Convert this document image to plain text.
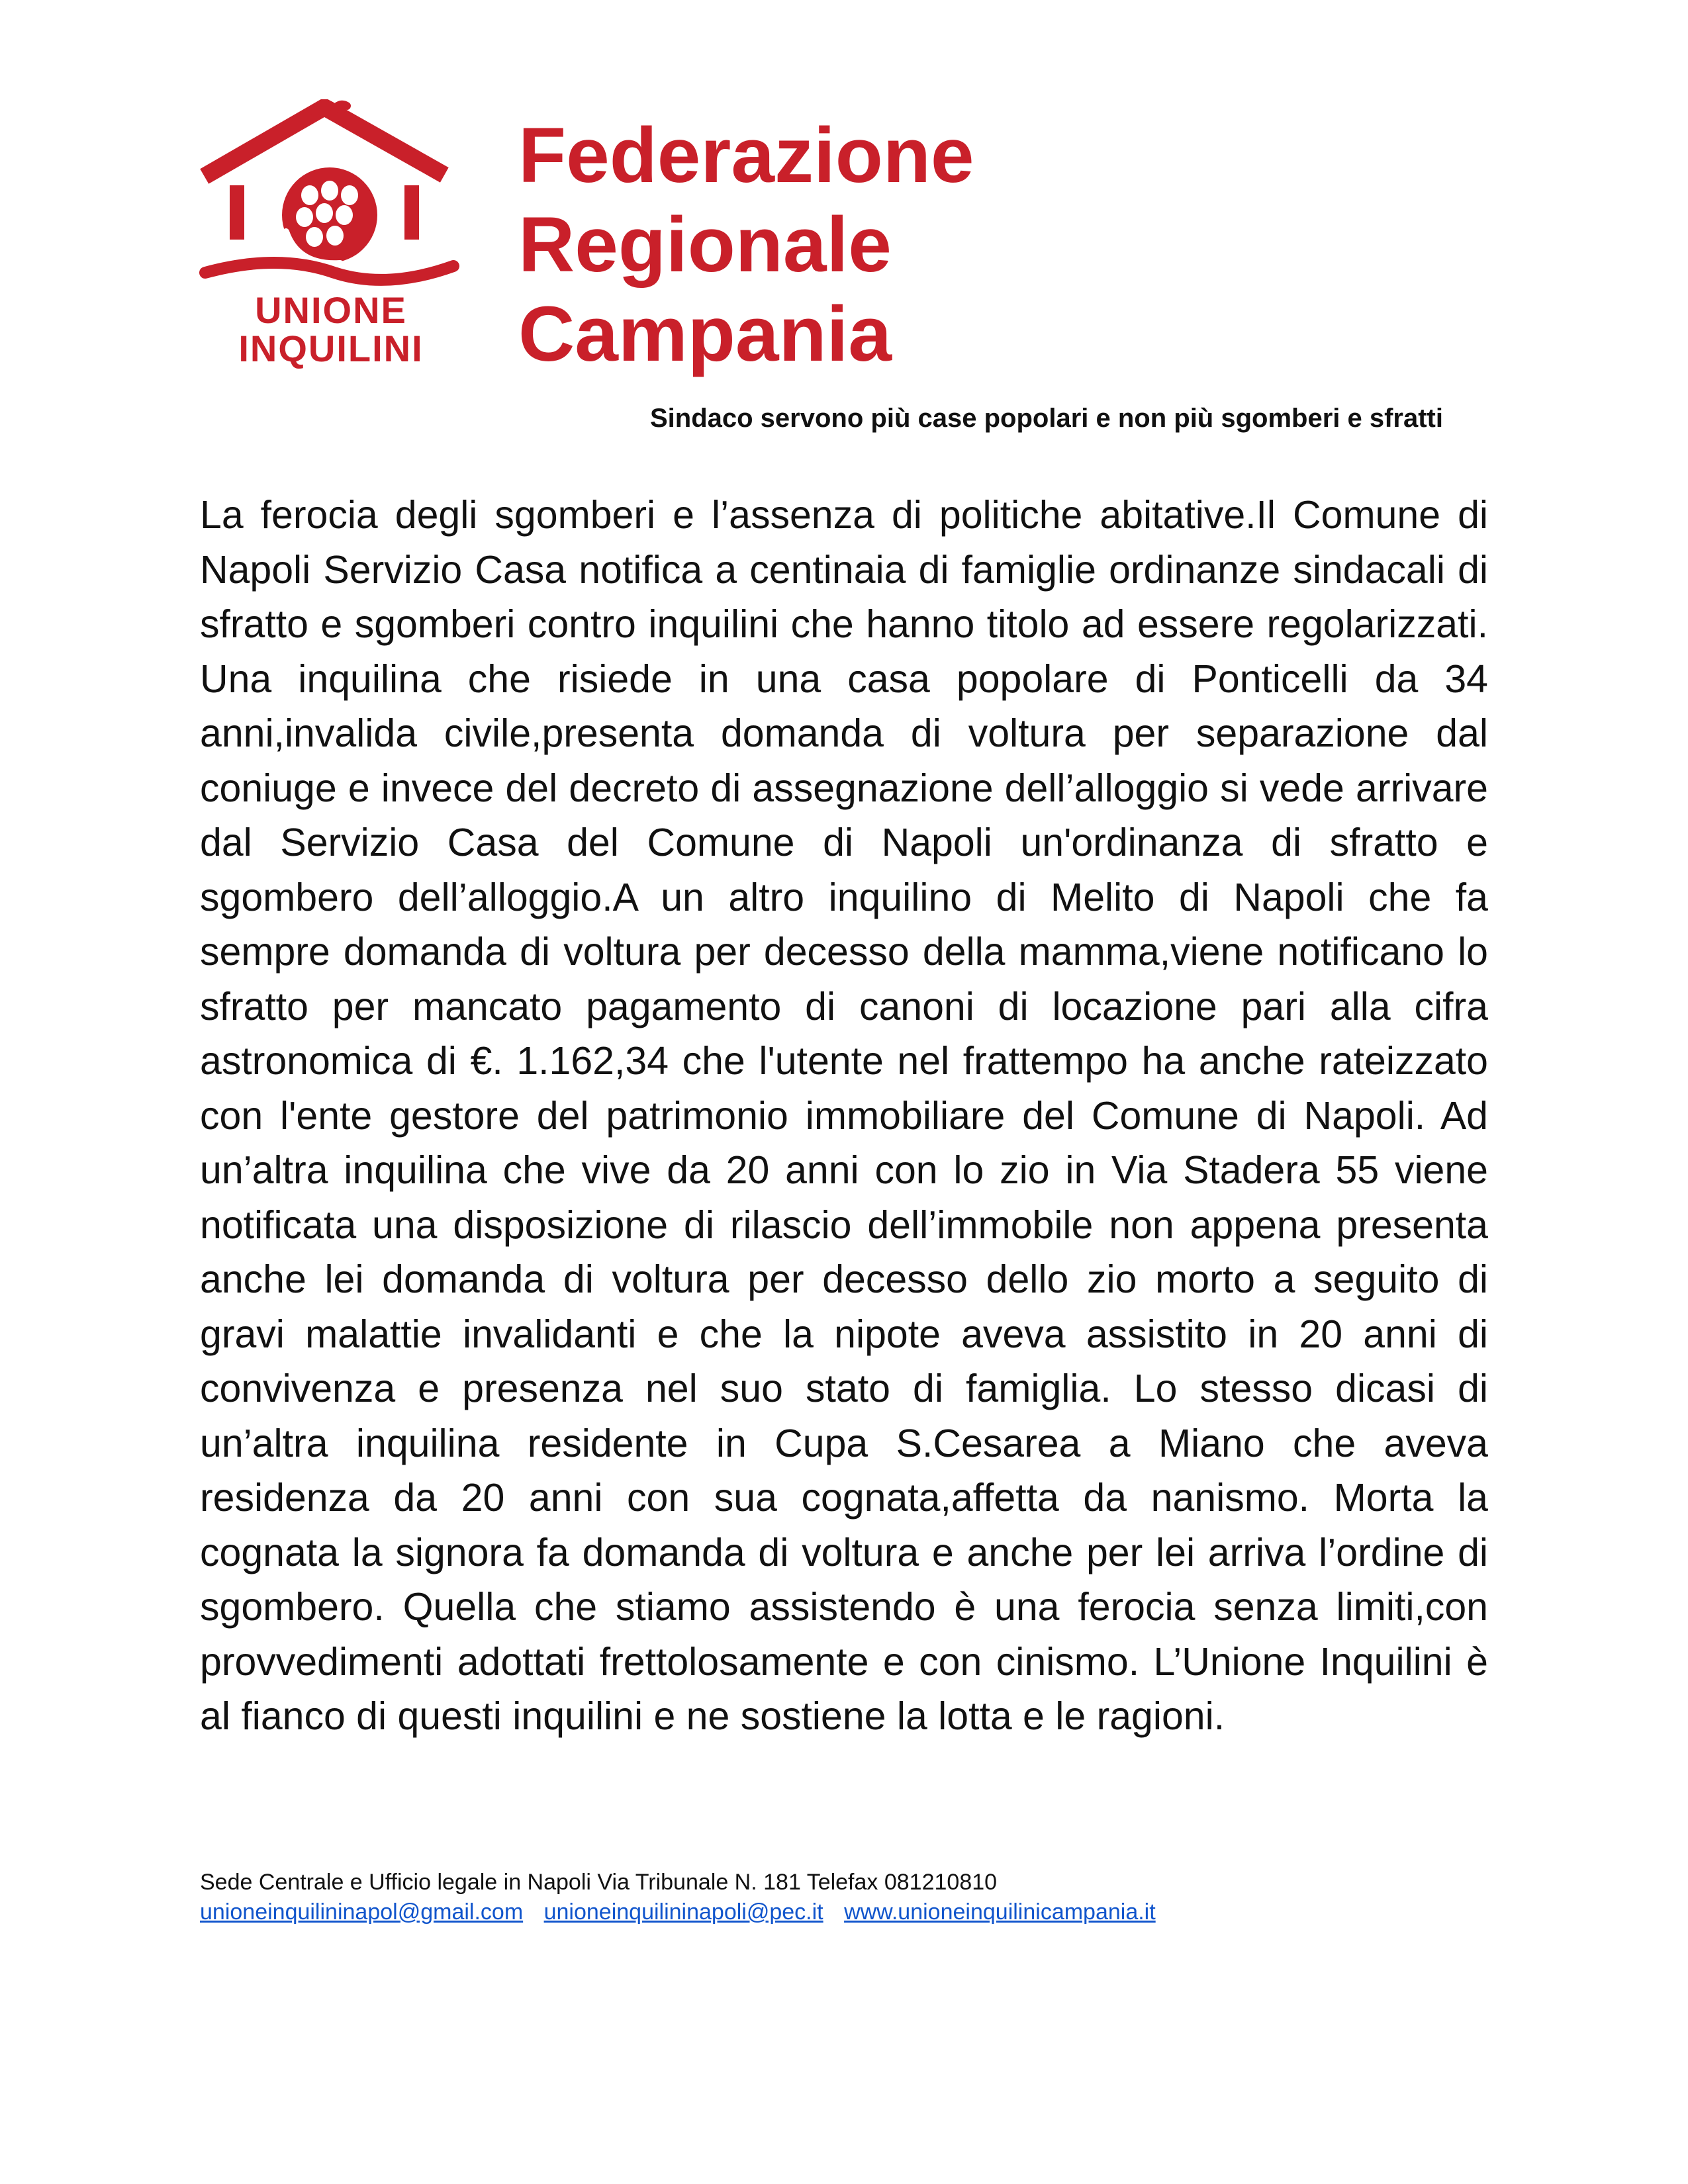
UNIONE
INQUILINI
Federazione
Regionale
Campania
Sindaco servono più case popolari e non più sgomberi e sfratti
La ferocia degli sgomberi e l’assenza di politiche abitative.Il Comune di Napoli Servizio Casa notifica a centinaia di famiglie ordinanze sindacali di sfratto e sgomberi contro inquilini che hanno titolo ad essere regolarizzati. Una inquilina che risiede in una casa popolare di Ponticelli da 34 anni,invalida civile,presenta domanda di voltura per separazione dal coniuge e invece del decreto di assegnazione dell’alloggio si vede arrivare dal Servizio Casa del Comune di Napoli un'ordinanza di sfratto e sgombero dell’alloggio.A un altro inquilino di Melito di Napoli che fa sempre domanda di voltura per decesso della mamma,viene notificano lo sfratto per mancato pagamento di canoni di locazione pari alla cifra astronomica di €. 1.162,34 che l'utente nel frattempo ha anche rateizzato con l'ente gestore del patrimonio immobiliare del Comune di Napoli. Ad un’altra inquilina che vive da 20 anni con lo zio in Via Stadera 55 viene notificata una disposizione di rilascio dell’immobile non appena presenta anche lei domanda di voltura per decesso dello zio morto a seguito di gravi malattie invalidanti e che la nipote aveva assistito in 20 anni di convivenza e presenza nel suo stato di famiglia. Lo stesso dicasi di un’altra inquilina residente in Cupa S.Cesarea a Miano che aveva residenza da 20 anni con sua cognata,affetta da nanismo. Morta la cognata la signora fa domanda di voltura e anche per lei arriva l’ordine di sgombero. Quella che stiamo assistendo è una ferocia senza limiti,con provvedimenti adottati frettolosamente e con cinismo. L’Unione Inquilini è al fianco di questi inquilini e ne sostiene la lotta e le ragioni.
Sede Centrale e Ufficio legale in Napoli Via Tribunale N. 181 Telefax 081210810
unioneinquilininapol@gmail.com unioneinquilininapoli@pec.it www.unioneinquilinicampania.it
